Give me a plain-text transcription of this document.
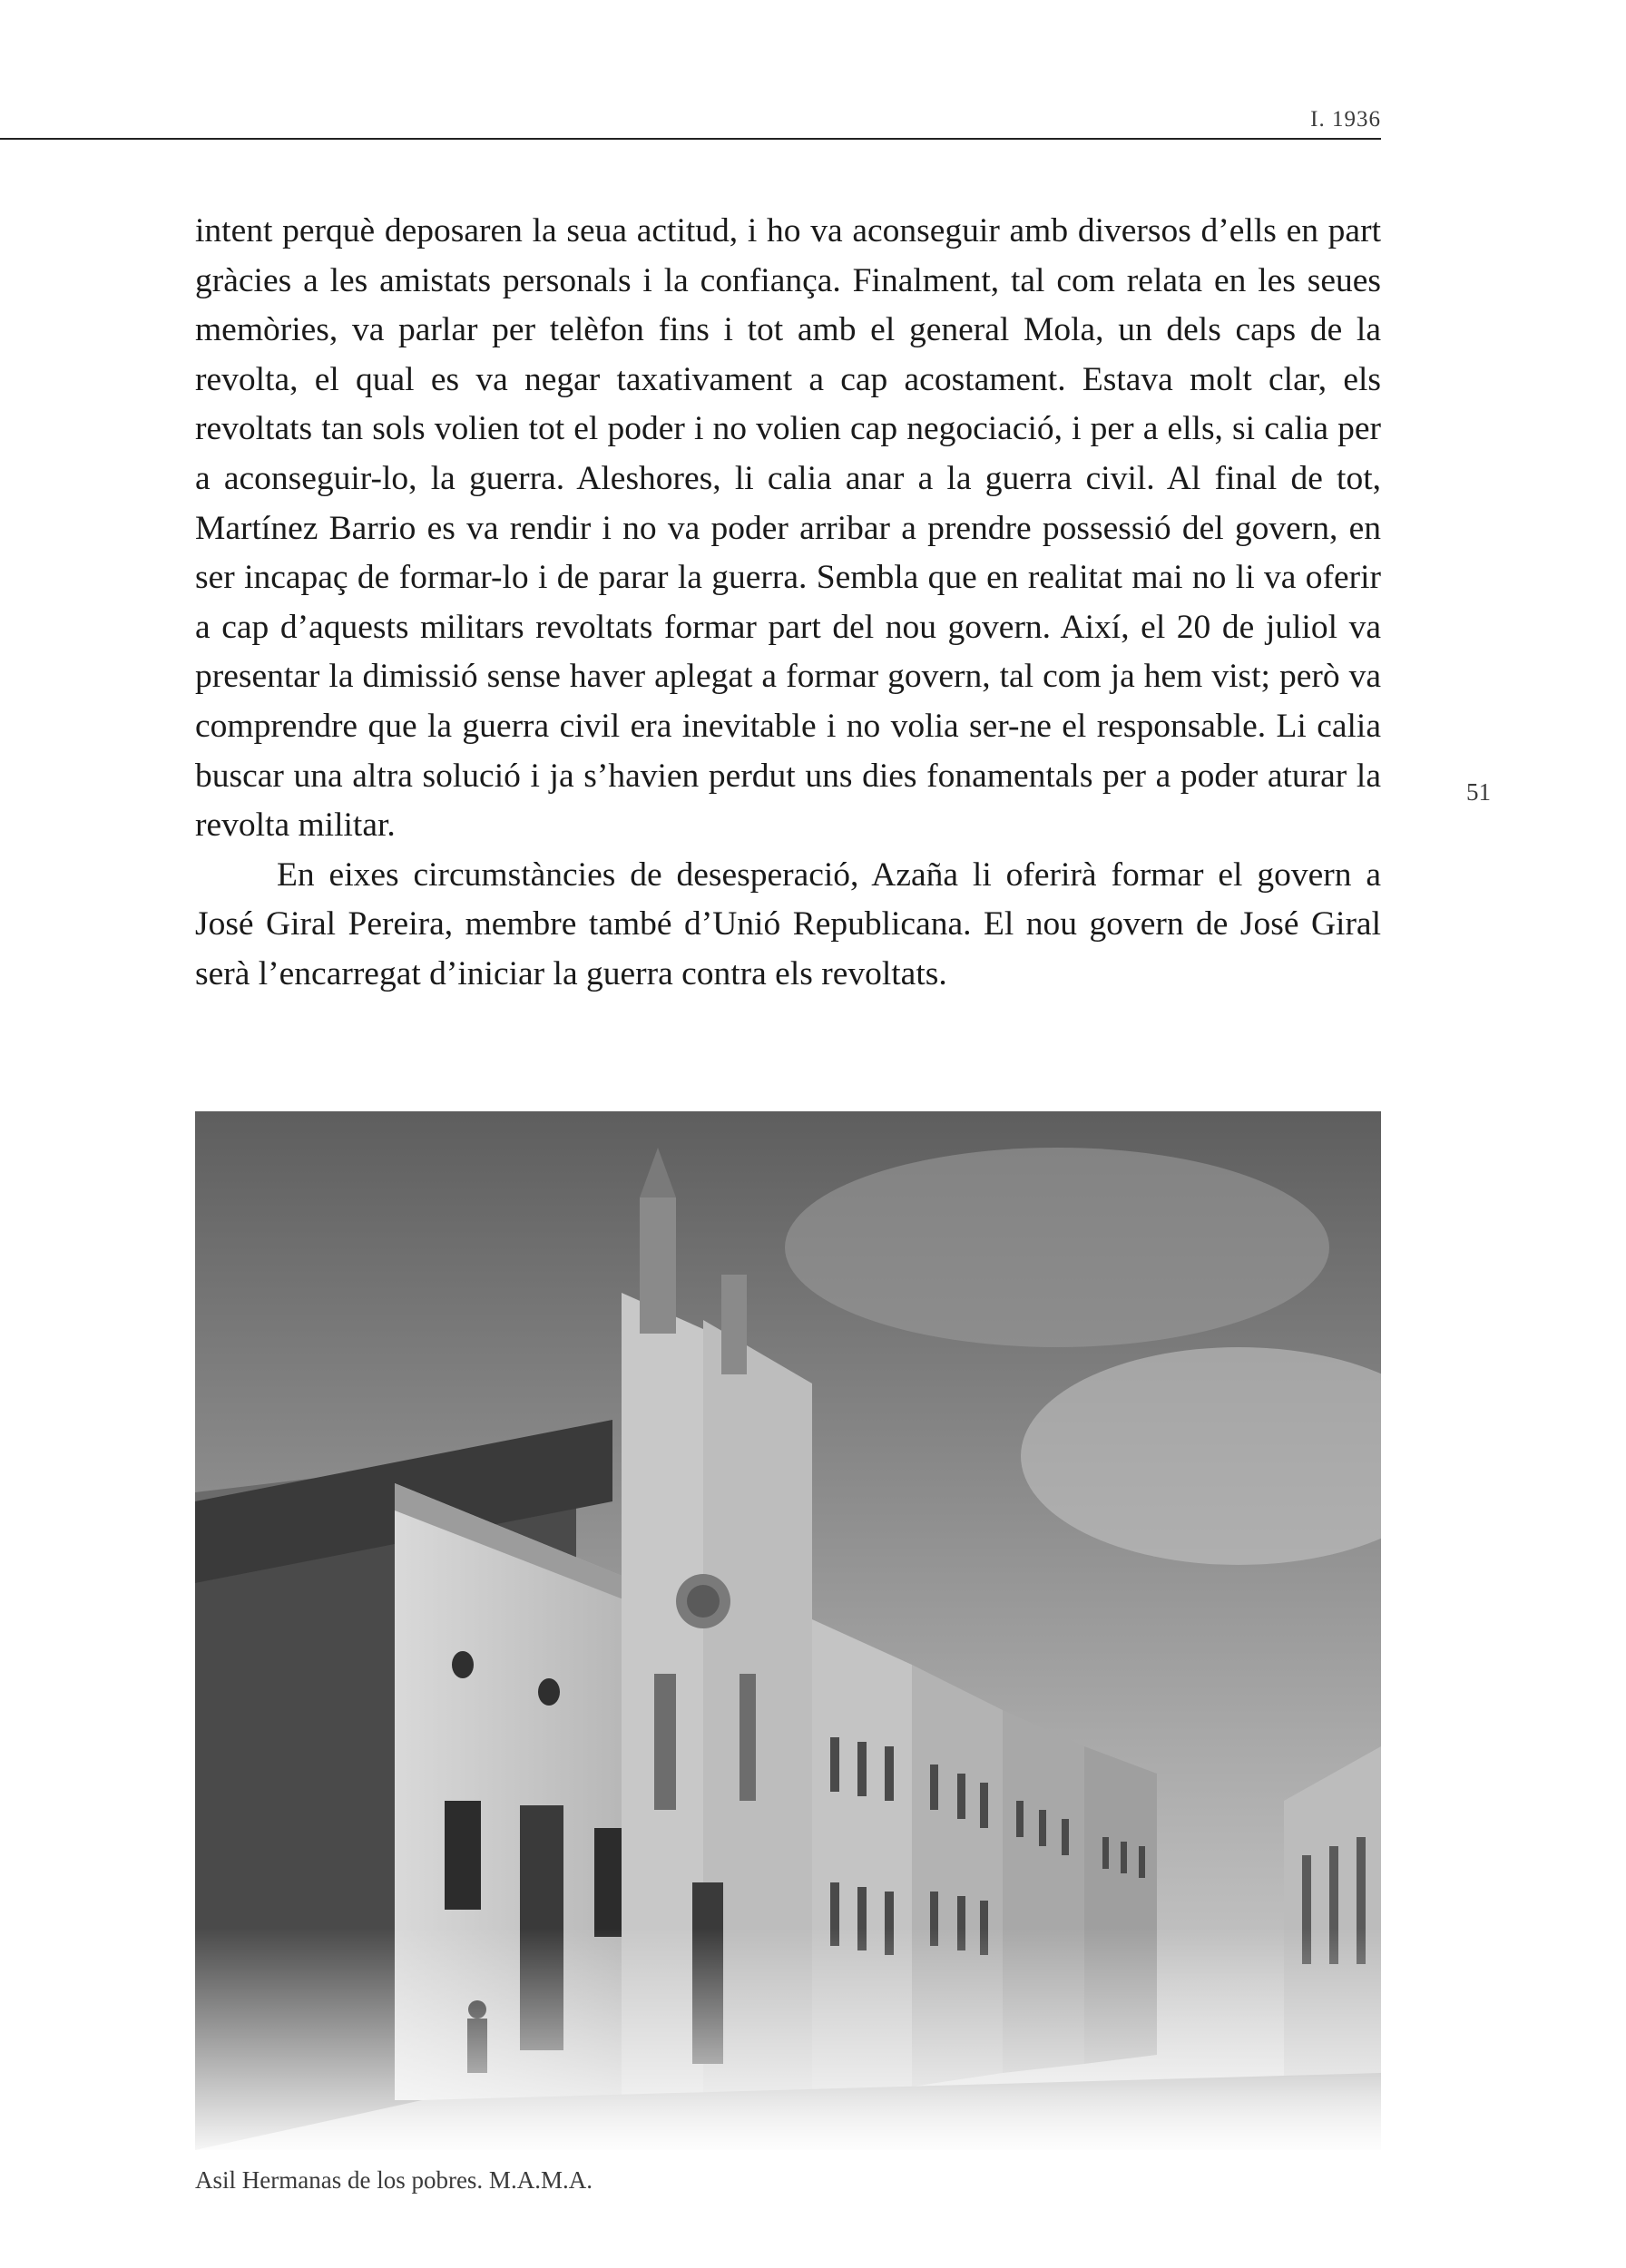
I. 1936
51

intent perquè deposaren la seua actitud, i ho va aconseguir amb diversos d’ells en part gràcies a les amistats personals i la confiança. Finalment, tal com relata en les seues memòries, va parlar per telèfon fins i tot amb el general Mola, un dels caps de la revolta, el qual es va negar taxativament a cap acostament. Estava molt clar, els revoltats tan sols volien tot el poder i no volien cap negociació, i per a ells, si calia per a aconseguir-lo, la guerra. Aleshores, li calia anar a la guerra civil. Al final de tot, Martínez Barrio es va rendir i no va poder arribar a prendre possessió del govern, en ser incapaç de formar-lo i de parar la guerra. Sembla que en realitat mai no li va oferir a cap d’aquests militars revoltats formar part del nou govern. Així, el 20 de juliol va presentar la dimissió sense haver aplegat a formar govern, tal com ja hem vist; però va comprendre que la guerra civil era inevitable i no volia ser-ne el responsable. Li calia buscar una altra solució i ja s’havien perdut uns dies fonamentals per a poder aturar la revolta militar.

En eixes circumstàncies de desesperació, Azaña li oferirà formar el govern a José Giral Pereira, membre també d’Unió Republicana. El nou govern de José Giral serà l’encarregat d’iniciar la guerra contra els revoltats.

Asil Hermanas de los pobres. M.A.M.A.
